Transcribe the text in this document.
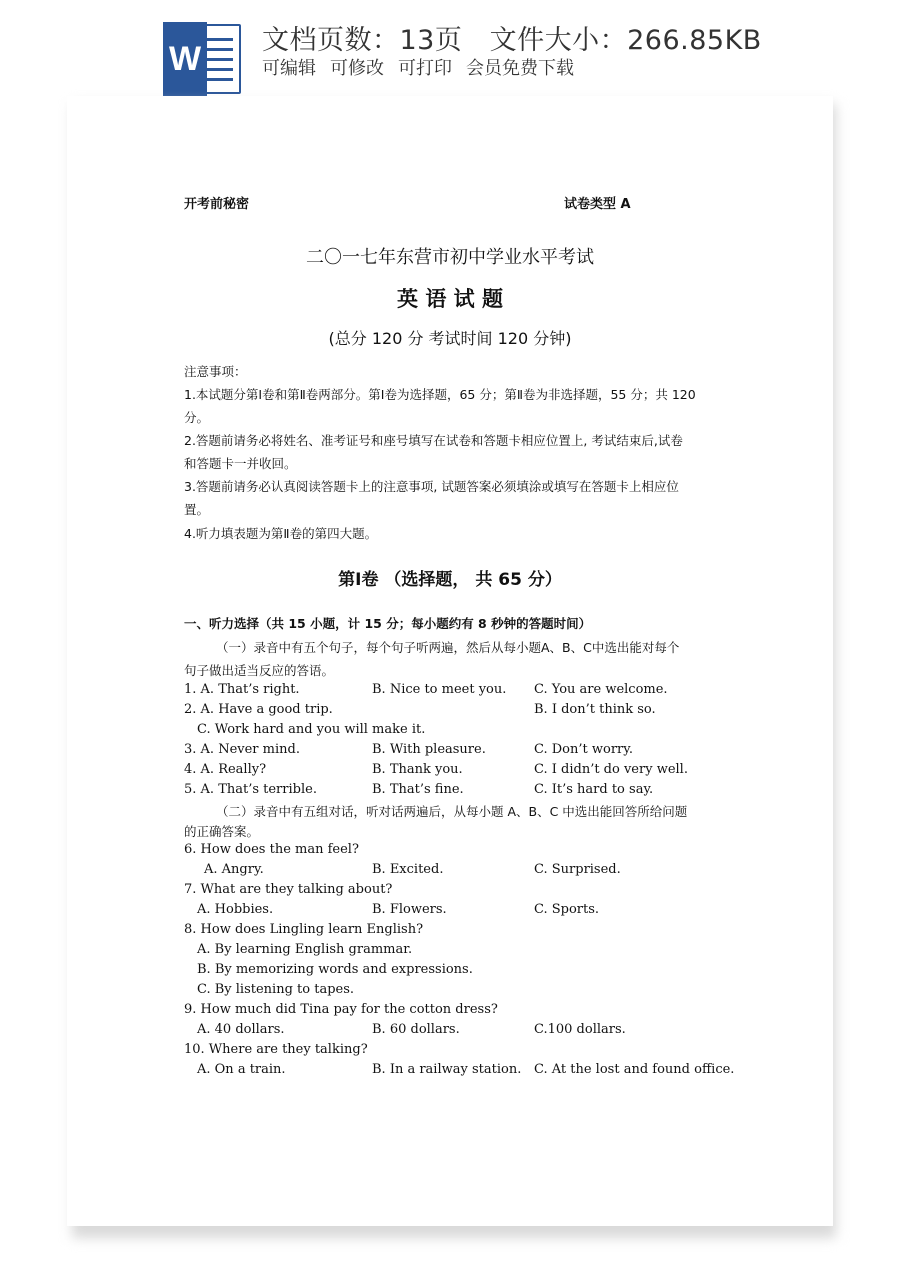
W 文档页数：13页   文件大小：266.85KB
可编辑 可修改 可打印 会员免费下载
开考前秘密	试卷类型 A
二〇一七年东营市初中学业水平考试
英 语 试 题
(总分 120 分 考试时间 120 分钟)
注意事项：
1.本试题分第Ⅰ卷和第Ⅱ卷两部分。第Ⅰ卷为选择题，65 分；第Ⅱ卷为非选择题，55 分；共 120
分。
2.答题前请务必将姓名、准考证号和座号填写在试卷和答题卡相应位置上, 考试结束后,试卷
和答题卡一并收回。
3.答题前请务必认真阅读答题卡上的注意事项, 试题答案必须填涂或填写在答题卡上相应位
置。
4.听力填表题为第Ⅱ卷的第四大题。
第Ⅰ卷 （选择题， 共 65 分）
一、听力选择（共 15 小题，计 15 分；每小题约有 8 秒钟的答题时间）
（一）录音中有五个句子，每个句子听两遍，然后从每小题A、B、C中选出能对每个
句子做出适当反应的答语。
1. A. That’s right.	B. Nice to meet you. C. You are welcome.
2. A. Have a good trip.	B. I don’t think so.
C. Work hard and you will make it.
3. A. Never mind.	B. With pleasure.	C. Don’t worry.
4. A. Really?	B. Thank you.	C. I didn’t do very well.
5. A. That’s terrible.	B. That’s fine.	C. It’s hard to say.
（二）录音中有五组对话，听对话两遍后，从每小题 A、B、C 中选出能回答所给问题
的正确答案。
6. How does the man feel?
A. Angry.	B. Excited.	C. Surprised.
7. What are they talking about?
A. Hobbies.	B. Flowers.	C. Sports.
8. How does Lingling learn English?
A. By learning English grammar.
B. By memorizing words and expressions.
C. By listening to tapes.
9. How much did Tina pay for the cotton dress?
A. 40 dollars.	B. 60 dollars.	C.100 dollars.
10. Where are they talking?
A. On a train.	B. In a railway station. C. At the lost and found office.
